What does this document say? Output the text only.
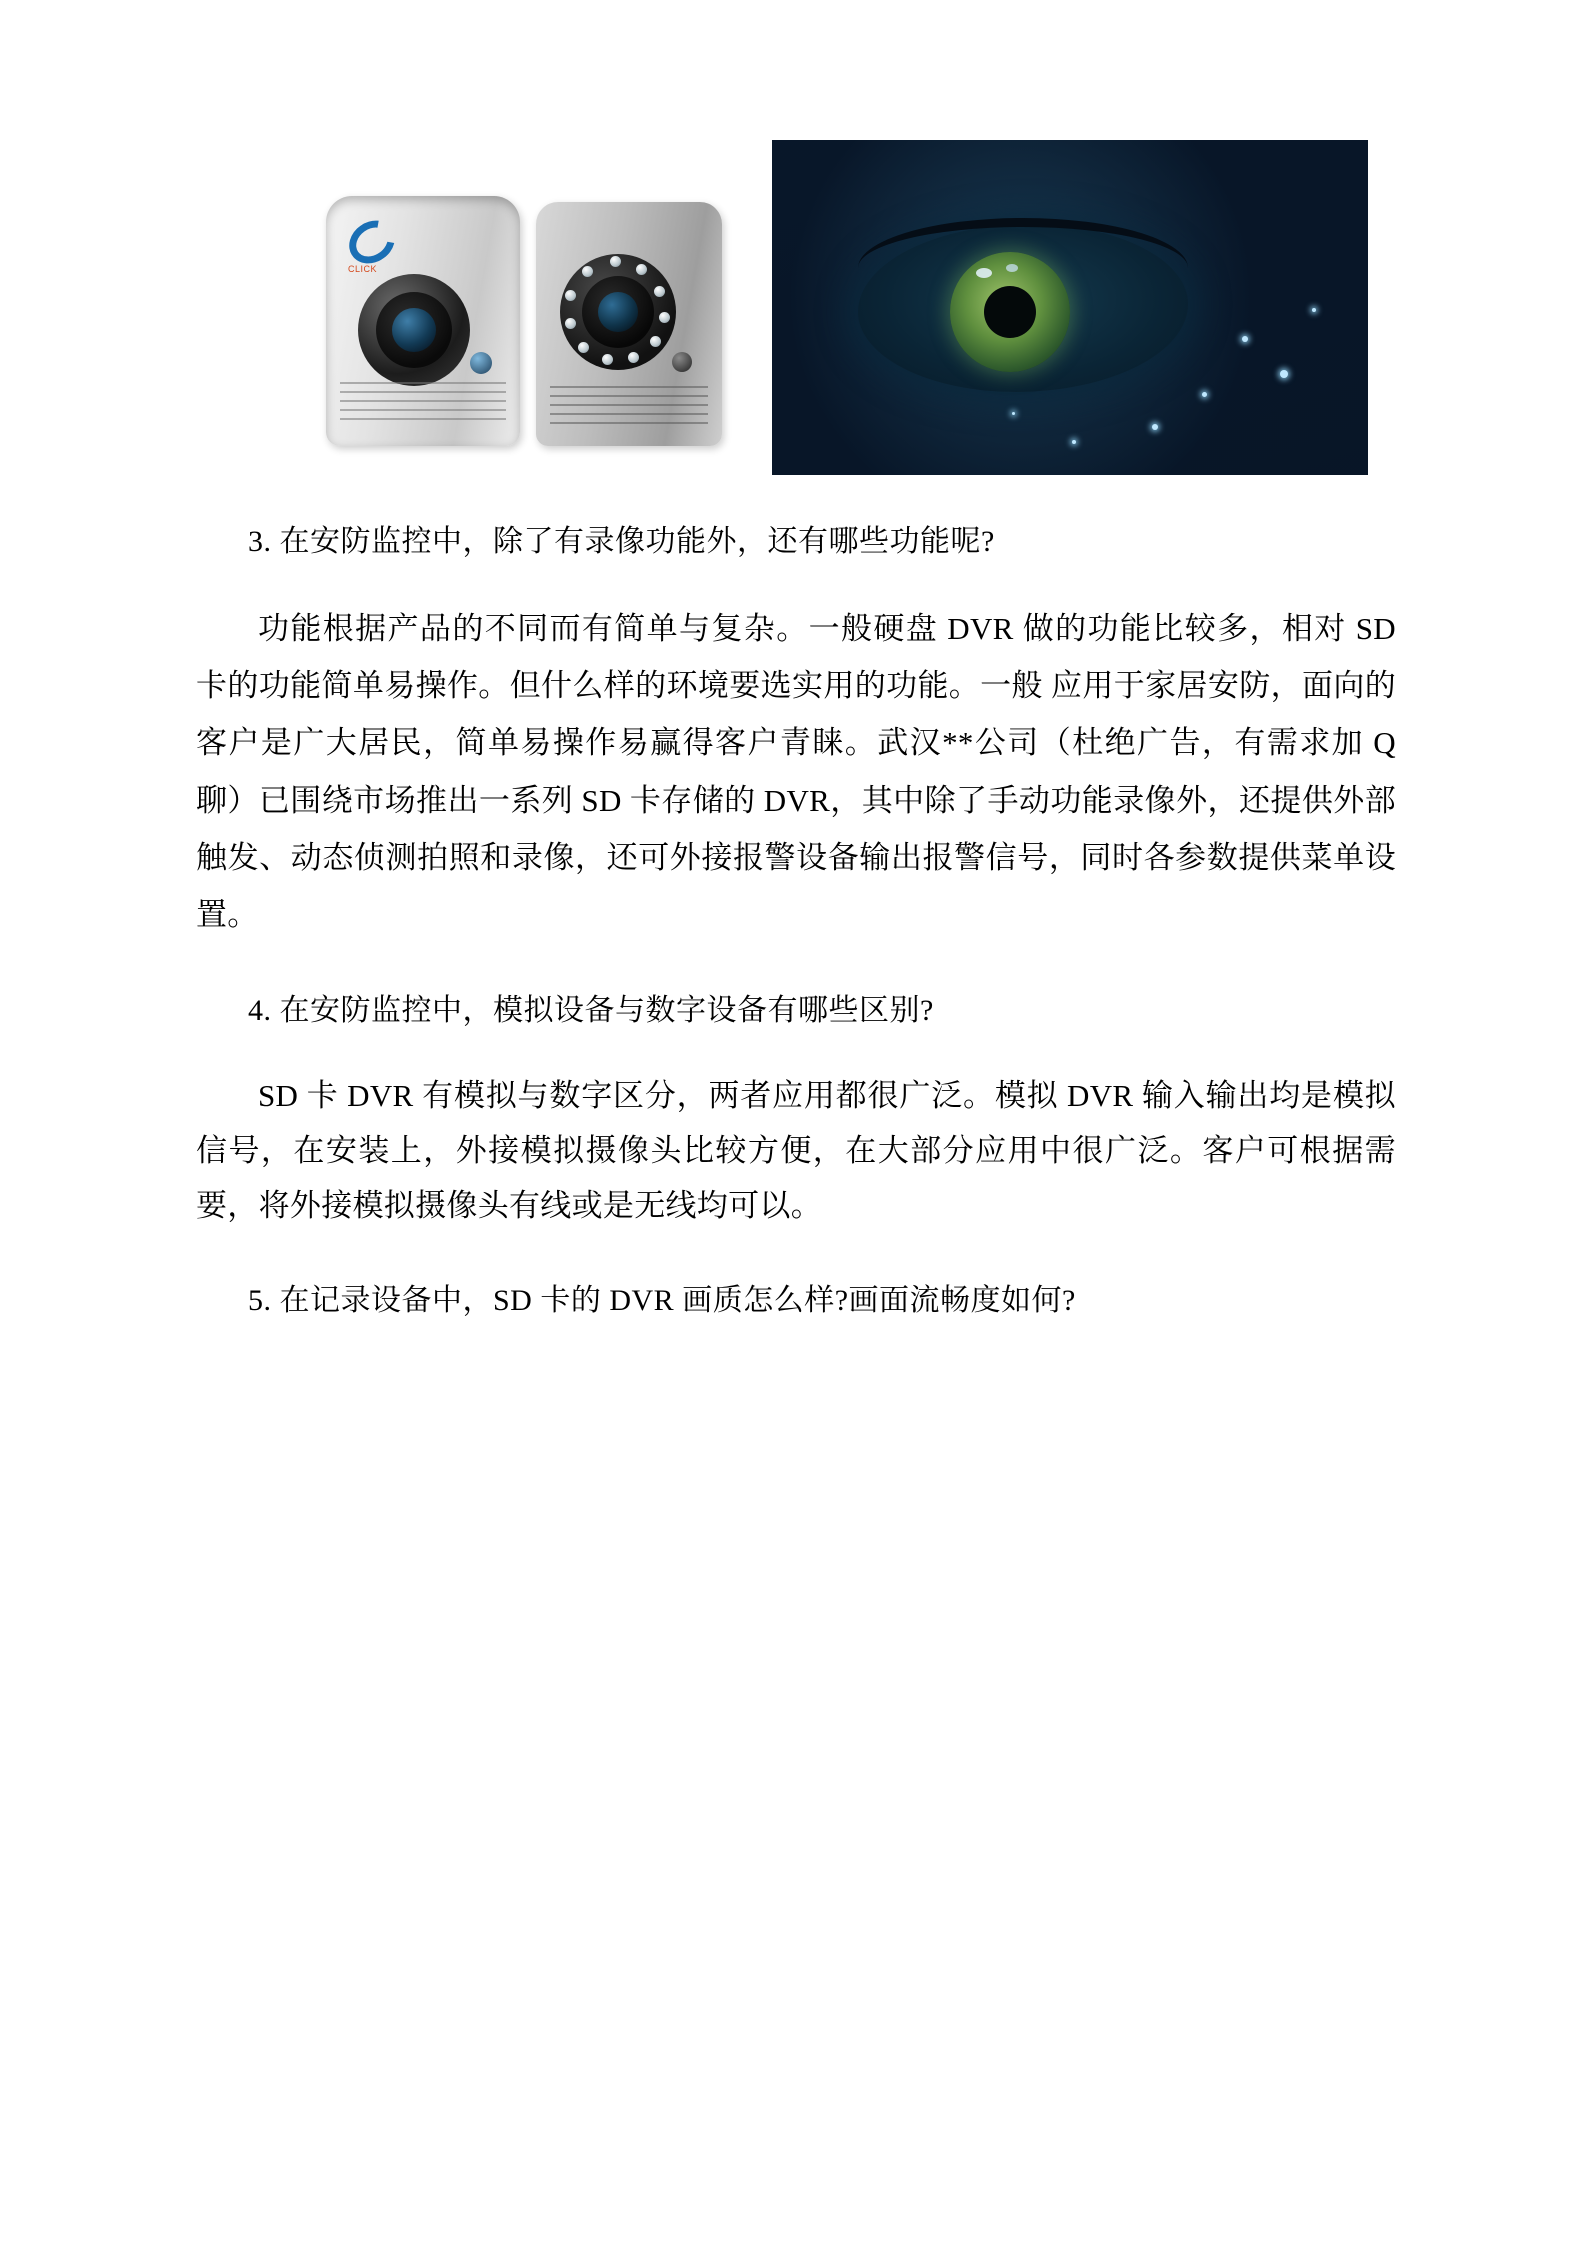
CLICK

3. 在安防监控中，除了有录像功能外，还有哪些功能呢?

功能根据产品的不同而有简单与复杂。一般硬盘 DVR 做的功能比较多，相对 SD 卡的功能简单易操作。但什么样的环境要选实用的功能。一般 应用于家居安防，面向的客户是广大居民，简单易操作易赢得客户青睐。武汉**公司（杜绝广告，有需求加 Q 聊）已围绕市场推出一系列 SD 卡存储的 DVR，其中除了手动功能录像外，还提供外部触发、动态侦测拍照和录像，还可外接报警设备输出报警信号，同时各参数提供菜单设置。

4. 在安防监控中，模拟设备与数字设备有哪些区别?

SD 卡 DVR 有模拟与数字区分，两者应用都很广泛。模拟 DVR 输入输出均是模拟信号，在安装上，外接模拟摄像头比较方便，在大部分应用中很广泛。客户可根据需要，将外接模拟摄像头有线或是无线均可以。

5. 在记录设备中，SD 卡的 DVR 画质怎么样?画面流畅度如何?
